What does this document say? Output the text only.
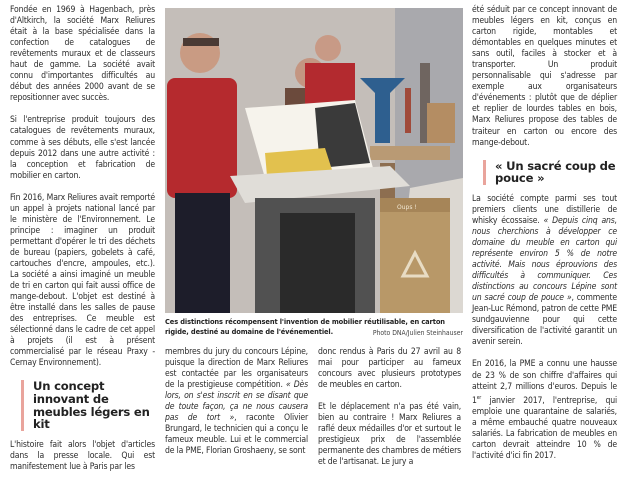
Fondée en 1969 à Hagenbach, près d'Altkirch, la société Marx Reliures était à la base spécialisée dans la confection de catalogues de revêtements muraux et de classeurs haut de gamme. La société avait connu d'importantes difficultés au début des années 2000 avant de se repositionner avec succès.

Si l'entreprise produit toujours des catalogues de revêtements muraux, comme à ses débuts, elle s'est lancée depuis 2012 dans une autre activité : la conception et fabrication de mobilier en carton.

Fin 2016, Marx Reliures avait remporté un appel à projets national lancé par le ministère de l'Environnement. Le principe : imaginer un produit permettant d'opérer le tri des déchets de bureau (papiers, gobelets à café, cartouches d'encre, ampoules, etc.). La société a ainsi imaginé un meuble de tri en carton qui fait aussi office de mange-debout. L'objet est destiné à être installé dans les salles de pause des entreprises. Ce meuble est sélectionné dans le cadre de cet appel à projets (il est à présent commercialisé par le réseau Praxy - Cernay Environnement).

Un concept innovant de meubles légers en kit

L'histoire fait alors l'objet d'articles dans la presse locale. Qui est manifestement lue à Paris par les

Oups !
Ces distinctions récompensent l'invention de mobilier réutilisable, en carton rigide, destiné au domaine de l'événementiel.	Photo DNA/Julien Steinhauser

membres du jury du concours Lépine, puisque la direction de Marx Reliures est contactée par les organisateurs de la prestigieuse compétition. « Dès lors, on s'est inscrit en se disant que de toute façon, ça ne nous causera pas de tort », raconte Olivier Brungard, le technicien qui a conçu le fameux meuble. Lui et le commercial de la PME, Florian Groshaeny, se sont

donc rendus à Paris du 27 avril au 8 mai pour participer au fameux concours avec plusieurs prototypes de meubles en carton.

Et le déplacement n'a pas été vain, bien au contraire ! Marx Reliures a raflé deux médailles d'or et surtout le prestigieux prix de l'assemblée permanente des chambres de métiers et de l'artisanat. Le jury a

été séduit par ce concept innovant de meubles légers en kit, conçus en carton rigide, montables et démontables en quelques minutes et sans outil, faciles à stocker et à transporter. Un produit personnalisable qui s'adresse par exemple aux organisateurs d'événements : plutôt que de déplier et replier de lourdes tables en bois, Marx Reliures propose des tables de traiteur en carton ou encore des mange-debout.

« Un sacré coup de pouce »

La société compte parmi ses tout premiers clients une distillerie de whisky écossaise. « Depuis cinq ans, nous cherchions à développer ce domaine du meuble en carton qui représente environ 5 % de notre activité. Mais nous éprouvions des difficultés à communiquer. Ces distinctions au concours Lépine sont un sacré coup de pouce », commente Jean-Luc Rémond, patron de cette PME sundgauvienne pour qui cette diversification de l'activité garantit un avenir serein.

En 2016, la PME a connu une hausse de 23 % de son chiffre d'affaires qui atteint 2,7 millions d'euros. Depuis le 1er janvier 2017, l'entreprise, qui emploie une quarantaine de salariés, a même embauché quatre nouveaux salariés. La fabrication de meubles en carton devrait atteindre 10 % de l'activité d'ici fin 2017.
